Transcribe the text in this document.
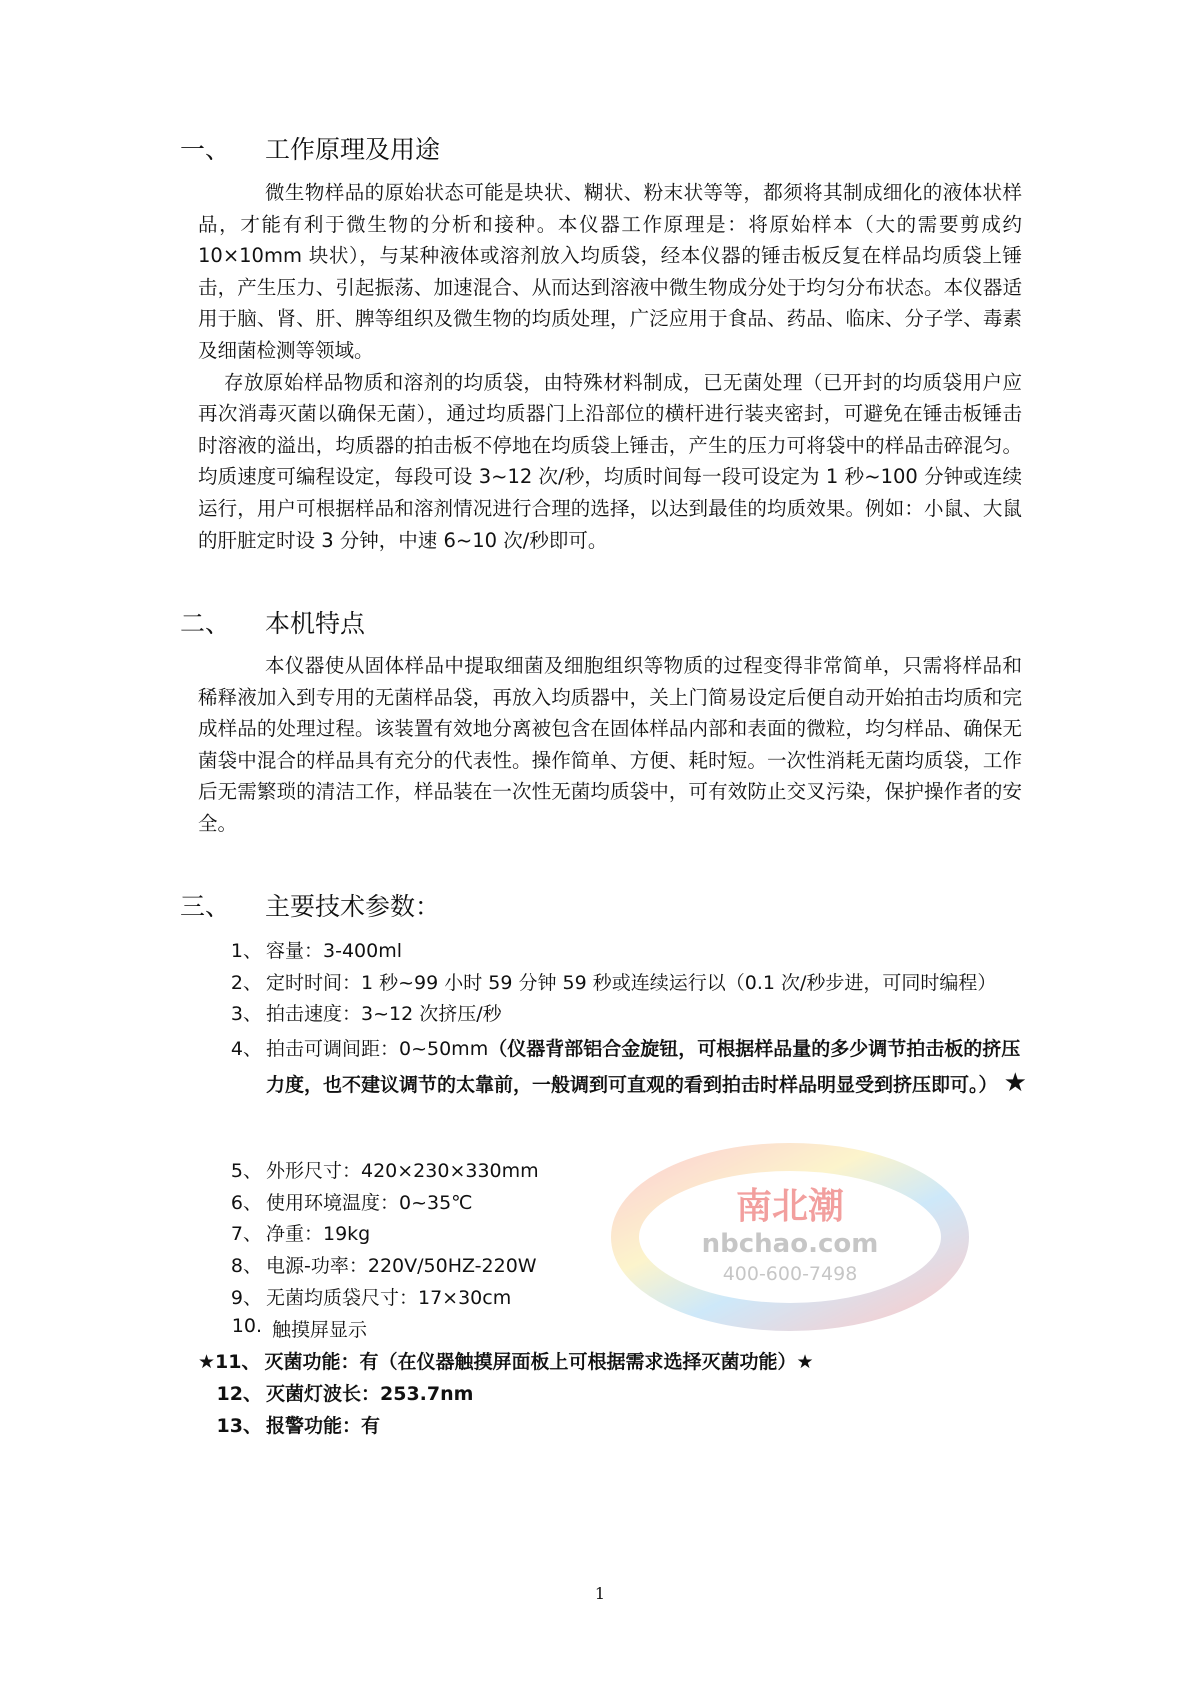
一、	工作原理及用途

微生物样品的原始状态可能是块状、糊状、粉末状等等，都须将其制成细化的液体状样品，才能有利于微生物的分析和接种。本仪器工作原理是：将原始样本（大的需要剪成约 10×10mm 块状），与某种液体或溶剂放入均质袋，经本仪器的锤击板反复在样品均质袋上锤击，产生压力、引起振荡、加速混合、从而达到溶液中微生物成分处于均匀分布状态。本仪器适用于脑、肾、肝、脾等组织及微生物的均质处理，广泛应用于食品、药品、临床、分子学、毒素及细菌检测等领域。

存放原始样品物质和溶剂的均质袋，由特殊材料制成，已无菌处理（已开封的均质袋用户应再次消毒灭菌以确保无菌），通过均质器门上沿部位的横杆进行装夹密封，可避免在锤击板锤击时溶液的溢出，均质器的拍击板不停地在均质袋上锤击，产生的压力可将袋中的样品击碎混匀。均质速度可编程设定，每段可设 3~12 次/秒，均质时间每一段可设定为 1 秒~100 分钟或连续运行，用户可根据样品和溶剂情况进行合理的选择，以达到最佳的均质效果。例如：小鼠、大鼠的肝脏定时设 3 分钟，中速 6~10 次/秒即可。

二、	本机特点

本仪器使从固体样品中提取细菌及细胞组织等物质的过程变得非常简单，只需将样品和稀释液加入到专用的无菌样品袋，再放入均质器中，关上门简易设定后便自动开始拍击均质和完成样品的处理过程。该装置有效地分离被包含在固体样品内部和表面的微粒，均匀样品、确保无菌袋中混合的样品具有充分的代表性。操作简单、方便、耗时短。一次性消耗无菌均质袋，工作后无需繁琐的清洁工作，样品装在一次性无菌均质袋中，可有效防止交叉污染，保护操作者的安全。

南北潮
nbchao.com
400-600-7498
三、	主要技术参数：
1、 容量：3-400ml
2、 定时时间：1 秒~99 小时 59 分钟 59 秒或连续运行以（0.1 次/秒步进，可同时编程）
3、 拍击速度：3~12 次挤压/秒
4、 拍击可调间距：0~50mm（仪器背部铝合金旋钮，可根据样品量的多少调节拍击板的挤压力度，也不建议调节的太靠前，一般调到可直观的看到拍击时样品明显受到挤压即可。） ★
5、 外形尺寸：420×230×330mm
6、 使用环境温度：0~35℃
7、 净重：19kg
8、 电源-功率：220V/50HZ-220W
9、 无菌均质袋尺寸：17×30cm
10. 触摸屏显示
★11、 灭菌功能：有（在仪器触摸屏面板上可根据需求选择灭菌功能）★
12、 灭菌灯波长：253.7nm
13、 报警功能：有
1
